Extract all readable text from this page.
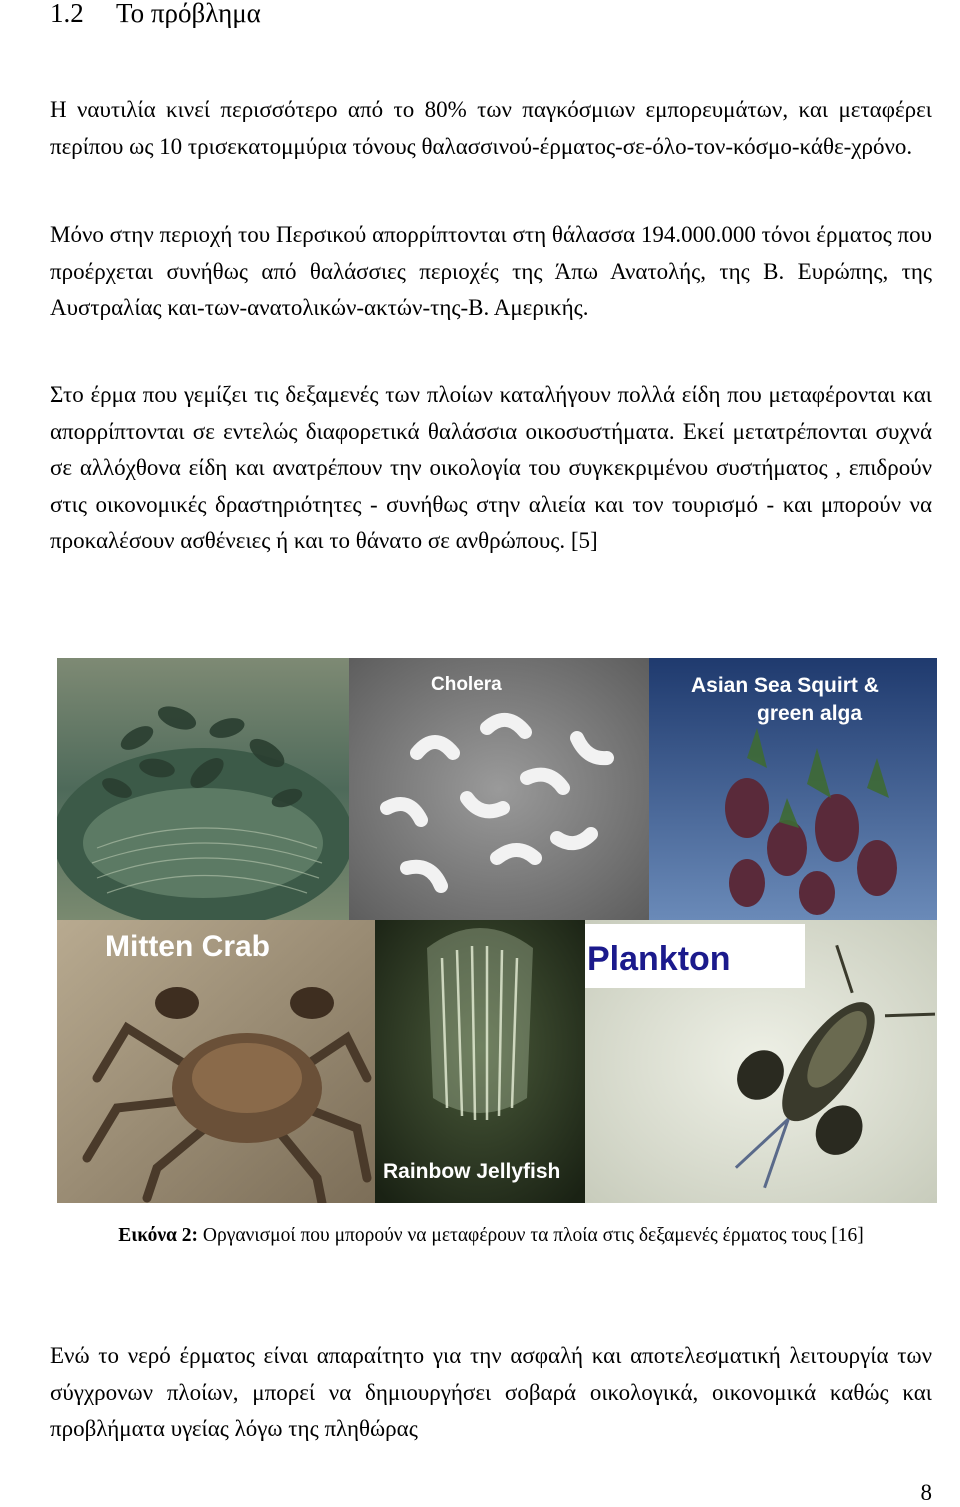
1.2 Το πρόβλημα

Η ναυτιλία κινεί περισσότερο από το 80% των παγκόσμιων εμπορευμάτων, και μεταφέρει περίπου ως 10 τρισεκατομμύρια τόνους θαλασσινού-έρματος-σε-όλο-τον-κόσμο-κάθε-χρόνο.

Μόνο στην περιοχή του Περσικού απορρίπτονται στη θάλασσα 194.000.000 τόνοι έρματος που προέρχεται συνήθως από θαλάσσιες περιοχές της Άπω Ανατολής, της Β. Ευρώπης, της Αυστραλίας και-των-ανατολικών-ακτών-της-Β. Αμερικής.

Στο έρμα που γεμίζει τις δεξαμενές των πλοίων καταλήγουν πολλά είδη που μεταφέρονται και απορρίπτονται σε εντελώς διαφορετικά θαλάσσια οικοσυστήματα. Εκεί μετατρέπονται συχνά σε αλλόχθονα είδη και ανατρέπουν την οικολογία του συγκεκριμένου συστήματος , επιδρούν στις οικονομικές δραστηριότητες - συνήθως στην αλιεία και τον τουρισμό - και μπορούν να προκαλέσουν ασθένειες ή και το θάνατο σε ανθρώπους. [5]

Cholera	Asian Sea Squirt &
green alga
Mitten Crab
Rainbow Jellyfish
Plankton

Εικόνα 2: Οργανισμοί που μπορούν να μεταφέρουν τα πλοία στις δεξαμενές έρματος τους [16]

Ενώ το νερό έρματος είναι απαραίτητο για την ασφαλή και αποτελεσματική λειτουργία των σύγχρονων πλοίων, μπορεί να δημιουργήσει σοβαρά οικολογικά, οικονομικά καθώς και προβλήματα υγείας λόγω της πληθώρας

8
